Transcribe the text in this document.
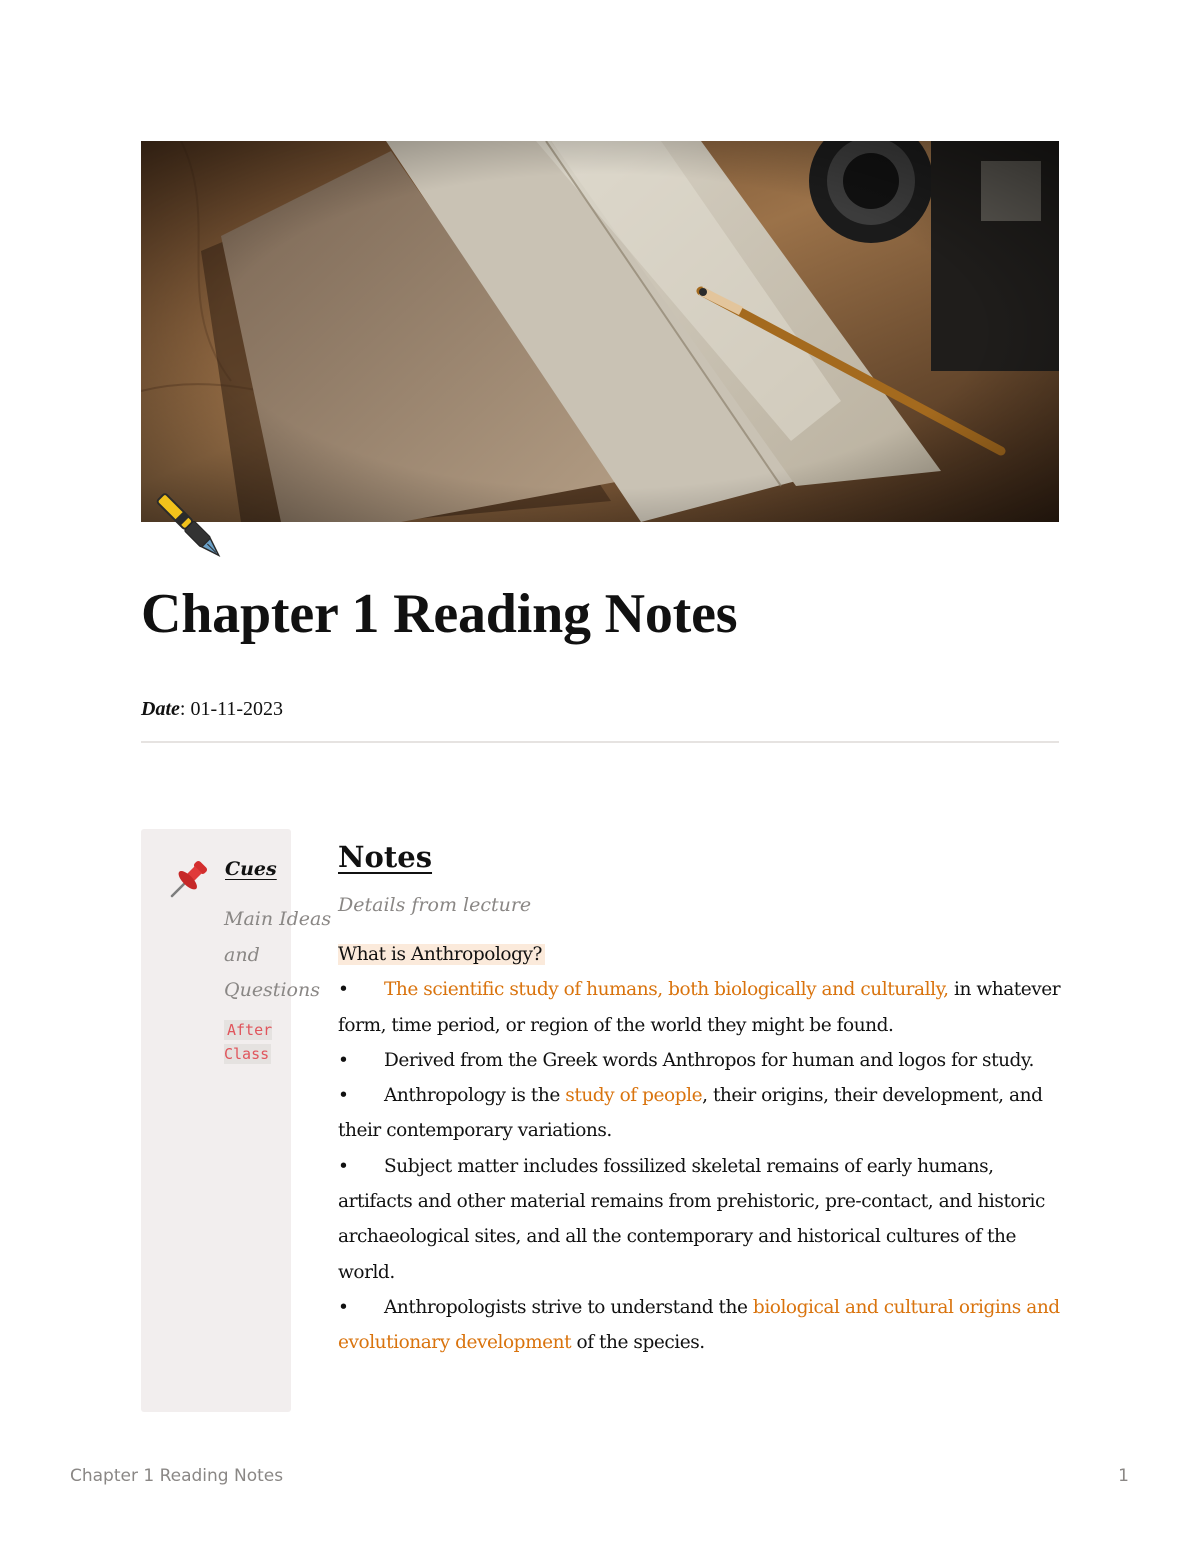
Chapter 1 Reading Notes
Date: 01-11-2023
Cues
Main Ideas and Questions
After Class
Notes
Details from lecture

What is Anthropology?

• The scientific study of humans, both biologically and culturally, in whatever form, time period, or region of the world they might be found.

• Derived from the Greek words Anthropos for human and logos for study.

• Anthropology is the study of people, their origins, their development, and their contemporary variations.

• Subject matter includes fossilized skeletal remains of early humans, artifacts and other material remains from prehistoric, pre-contact, and historic archaeological sites, and all the contemporary and historical cultures of the world.

• Anthropologists strive to understand the biological and cultural origins and evolutionary development of the species.

Chapter 1 Reading Notes	1
